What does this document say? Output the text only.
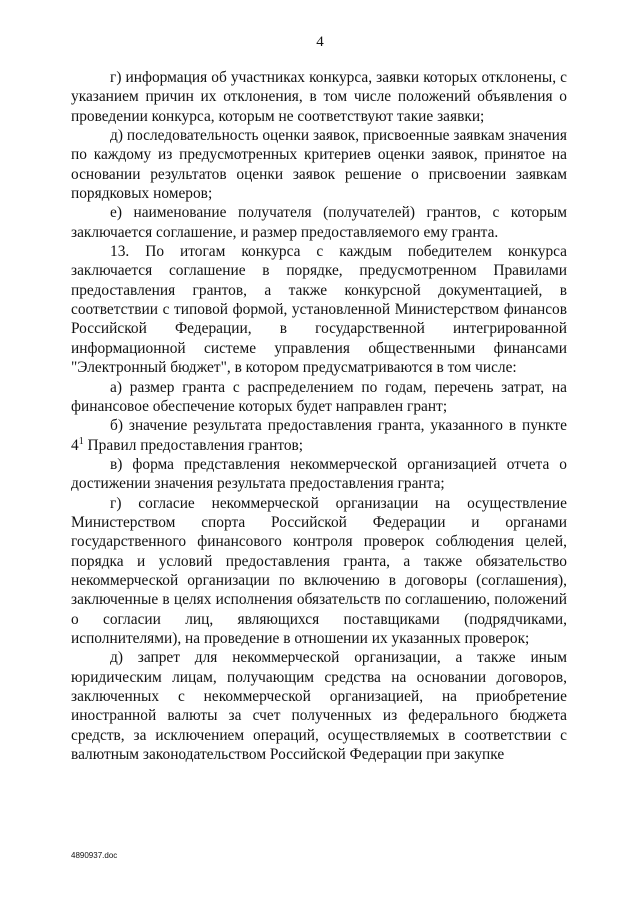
4

г) информация об участниках конкурса, заявки которых отклонены, с указанием причин их отклонения, в том числе положений объявления о проведении конкурса, которым не соответствуют такие заявки;

д) последовательность оценки заявок, присвоенные заявкам значения по каждому из предусмотренных критериев оценки заявок, принятое на основании результатов оценки заявок решение о присвоении заявкам порядковых номеров;

е) наименование получателя (получателей) грантов, с которым заключается соглашение, и размер предоставляемого ему гранта.

13. По итогам конкурса с каждым победителем конкурса заключается соглашение в порядке, предусмотренном Правилами предоставления грантов, а также конкурсной документацией, в соответствии с типовой формой, установленной Министерством финансов Российской Федерации, в государственной интегрированной информационной системе управления общественными финансами "Электронный бюджет", в котором предусматриваются в том числе:

а) размер гранта с распределением по годам, перечень затрат, на финансовое обеспечение которых будет направлен грант;

б) значение результата предоставления гранта, указанного в пункте $4^1$ Правил предоставления грантов;

в) форма представления некоммерческой организацией отчета о достижении значения результата предоставления гранта;

г) согласие некоммерческой организации на осуществление Министерством спорта Российской Федерации и органами государственного финансового контроля проверок соблюдения целей, порядка и условий предоставления гранта, а также обязательство некоммерческой организации по включению в договоры (соглашения), заключенные в целях исполнения обязательств по соглашению, положений о согласии лиц, являющихся поставщиками (подрядчиками, исполнителями), на проведение в отношении их указанных проверок;

д) запрет для некоммерческой организации, а также иным юридическим лицам, получающим средства на основании договоров, заключенных с некоммерческой организацией, на приобретение иностранной валюты за счет полученных из федерального бюджета средств, за исключением операций, осуществляемых в соответствии с валютным законодательством Российской Федерации при закупке

4890937.doc
